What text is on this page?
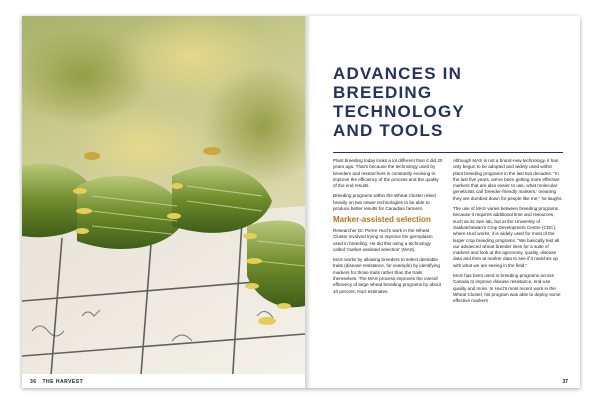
36 THE HARVEST
ADVANCES IN
BREEDING
TECHNOLOGY
AND TOOLS

Plant breeding today looks a lot different than it did 20 years ago. That's because the technology used by breeders and researchers is constantly evolving to improve the efficiency of the process and the quality of the end results.

Breeding programs within the Wheat Cluster relied heavily on two newer technologies to be able to produce better results for Canadian farmers.

Marker-assisted selection

Researcher Dr. Pierre Hucl's work in the Wheat Cluster involved trying to improve the germplasm used in breeding. He did this using a technology called 'marker-assisted selection' (MAS).

MAS works by allowing breeders to select desirable traits (disease resistance, for example) by identifying markers for those traits rather than the traits themselves. The MAS process improves the overall efficiency of large wheat breeding programs by about 10 percent, Hucl estimates.

Although MAS is not a brand-new technology, it has only begun to be adopted and widely used within plant breeding programs in the last two decades. "In the last five years, we've been getting more effective markers that are also easier to use, what molecular geneticists call 'breeder-friendly markers,' meaning they are dumbed down for people like me," he laughs.

The use of MAS varies between breeding programs because it requires additional time and resources, such as its own lab, but at the University of Saskatchewan's Crop Development Centre (CDC), where Hucl works, it is widely used for most of the larger crop breeding programs. "We basically test all our advanced wheat breeder lines for a suite of markers and look at the agronomy, quality, disease data and then at marker data to see if it matches up with what we are seeing in the field."

MAS has been used in breeding programs across Canada to improve disease resistance, end-use quality and more. In Hucl's most recent work in the Wheat Cluster, his program was able to deploy some effective markers

37
